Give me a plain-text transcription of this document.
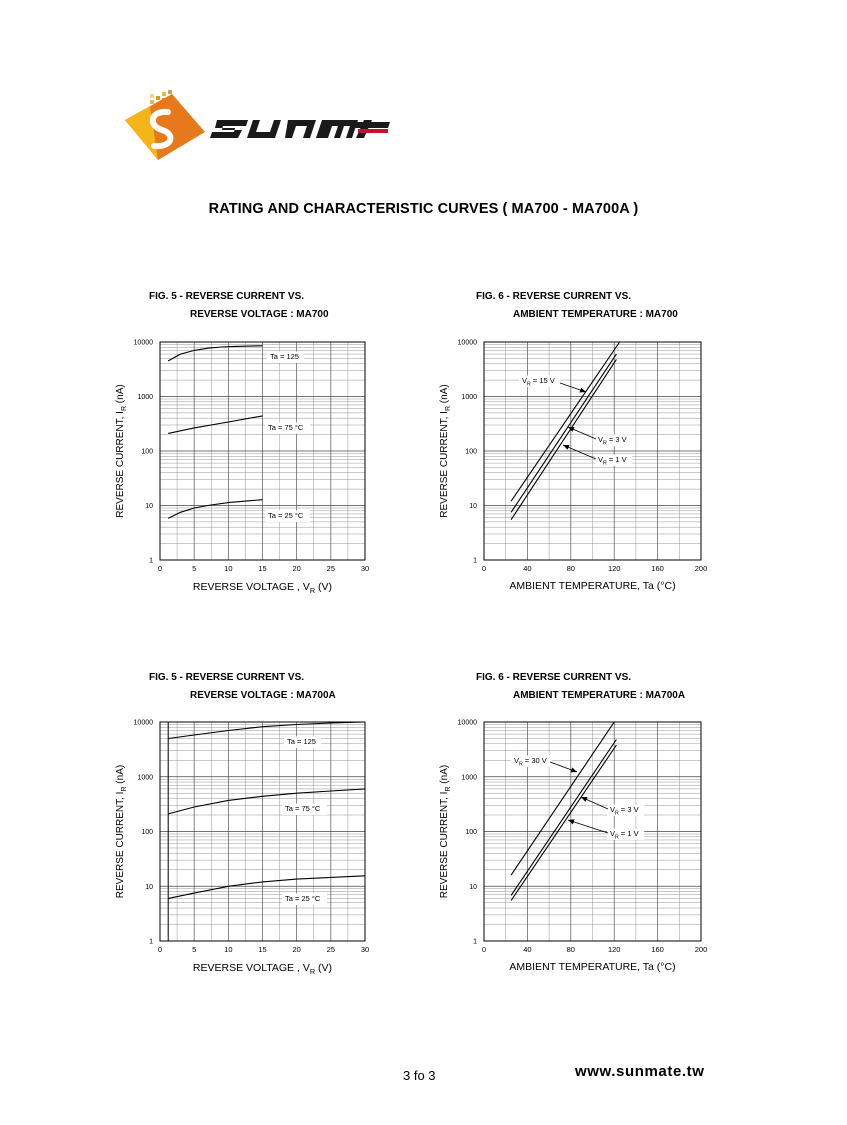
RATING AND CHARACTERISTIC CURVES ( MA700 - MA700A )
FIG. 5 - REVERSE CURRENT VS.
REVERSE VOLTAGE : MA700
FIG. 6 - REVERSE CURRENT VS.
AMBIENT TEMPERATURE : MA700
FIG. 5 - REVERSE CURRENT VS.
REVERSE VOLTAGE : MA700A
FIG. 6 - REVERSE CURRENT VS.
AMBIENT TEMPERATURE : MA700A
1
10
100
1000
10000
0	5	10	15	20	25	30
REVERSE VOLTAGE , $V_R$ (V)
REVERSE CURRENT, $I_R$ (nA)
Ta = 125
Ta = 75 °C
Ta = 25 °C
1
10
100
1000
10000
0	40	80	120	160	200
AMBIENT TEMPERATURE, Ta (°C)
REVERSE CURRENT, $I_R$ (nA)
$V_R = 15$ V
$V_R = 3$ V
$V_R = 1$ V
1
10
100
1000
10000
0	5	10	15	20	25	30
REVERSE VOLTAGE , $V_R$ (V)
REVERSE CURRENT, $I_R$ (nA)
Ta = 125
Ta = 75 °C
Ta = 25 °C
1
10
100
1000
10000
0	40	80	120	160	200
AMBIENT TEMPERATURE, Ta (°C)
REVERSE CURRENT, $I_R$ (nA)
$V_R = 30$ V
$V_R = 3$ V
$V_R = 1$ V
3 fo 3	www.sunmate.tw
